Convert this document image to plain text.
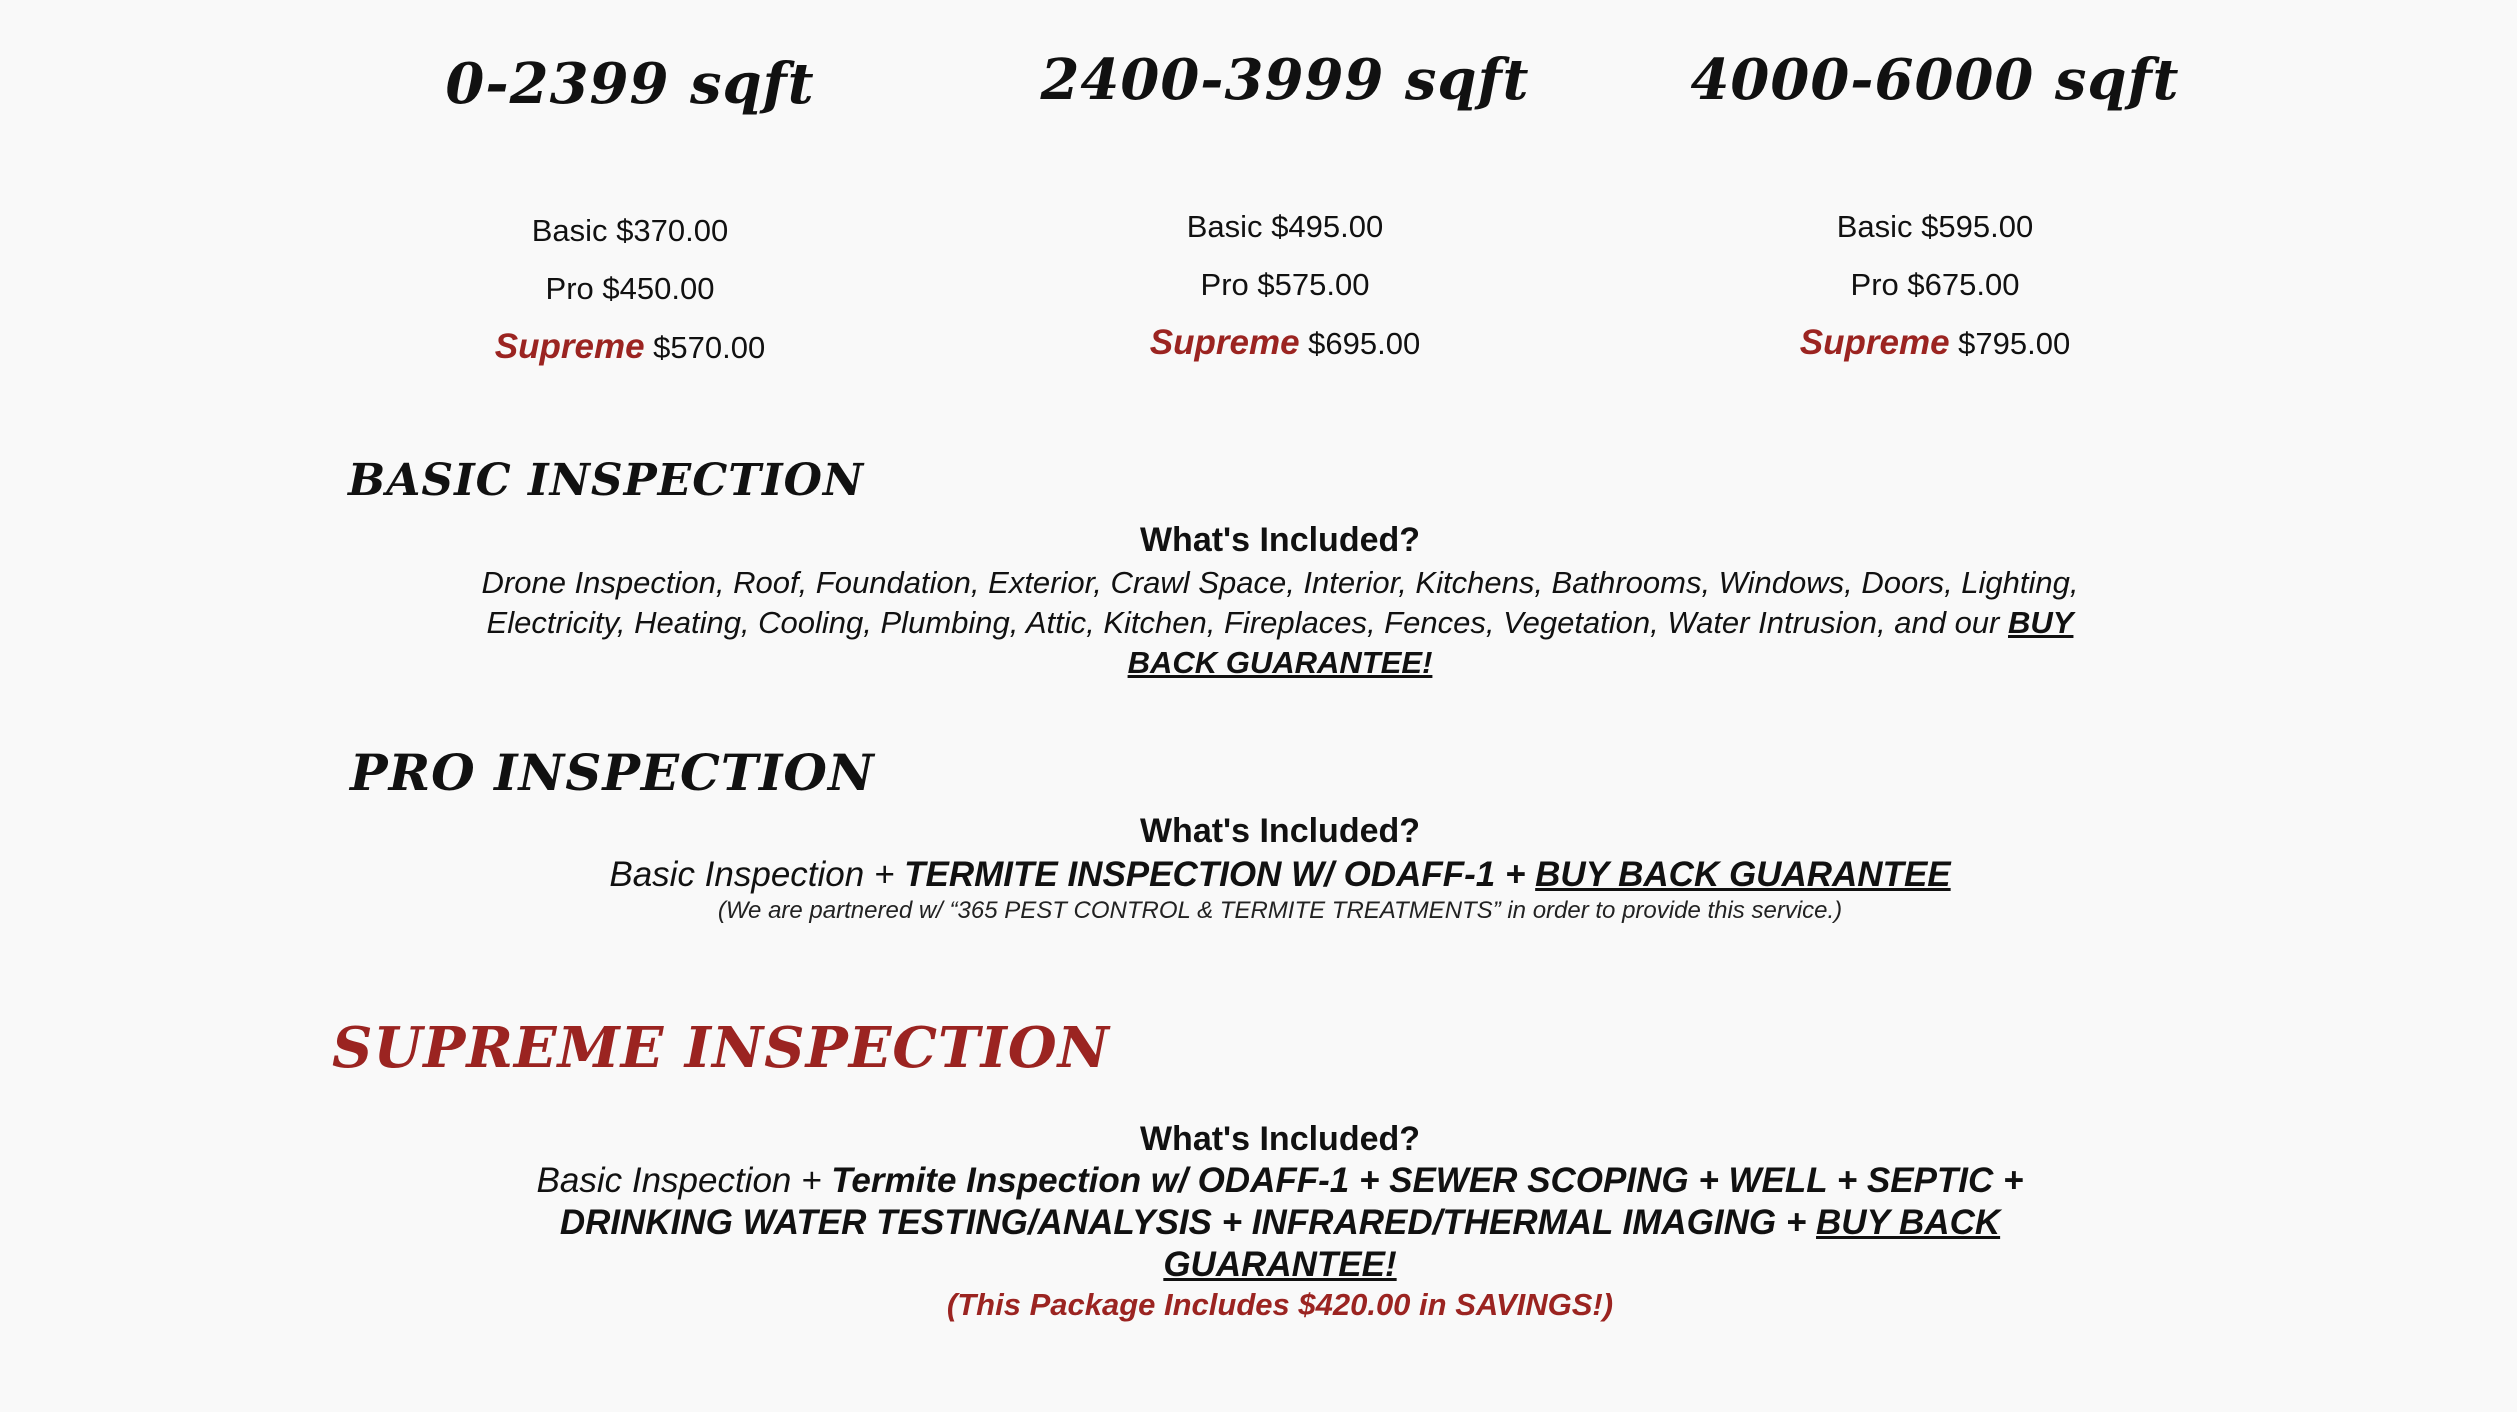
0-2399 sqft
Basic $370.00
Pro $450.00
Supreme $570.00
2400-3999 sqft
Basic $495.00
Pro $575.00
Supreme $695.00
4000-6000 sqft
Basic $595.00
Pro $675.00
Supreme $795.00
BASIC INSPECTION
What's Included?
Drone Inspection, Roof, Foundation, Exterior, Crawl Space, Interior, Kitchens, Bathrooms, Windows, Doors, Lighting,
Electricity, Heating, Cooling, Plumbing, Attic, Kitchen, Fireplaces, Fences, Vegetation, Water Intrusion, and our BUY
BACK GUARANTEE!
PRO INSPECTION
What's Included?
Basic Inspection + TERMITE INSPECTION W/ ODAFF-1 + BUY BACK GUARANTEE
(We are partnered w/ “365 PEST CONTROL & TERMITE TREATMENTS” in order to provide this service.)
SUPREME INSPECTION
What's Included?
Basic Inspection + Termite Inspection w/ ODAFF-1 + SEWER SCOPING + WELL + SEPTIC +
DRINKING WATER TESTING/ANALYSIS + INFRARED/THERMAL IMAGING + BUY BACK
GUARANTEE!
(This Package Includes $420.00 in SAVINGS!)
